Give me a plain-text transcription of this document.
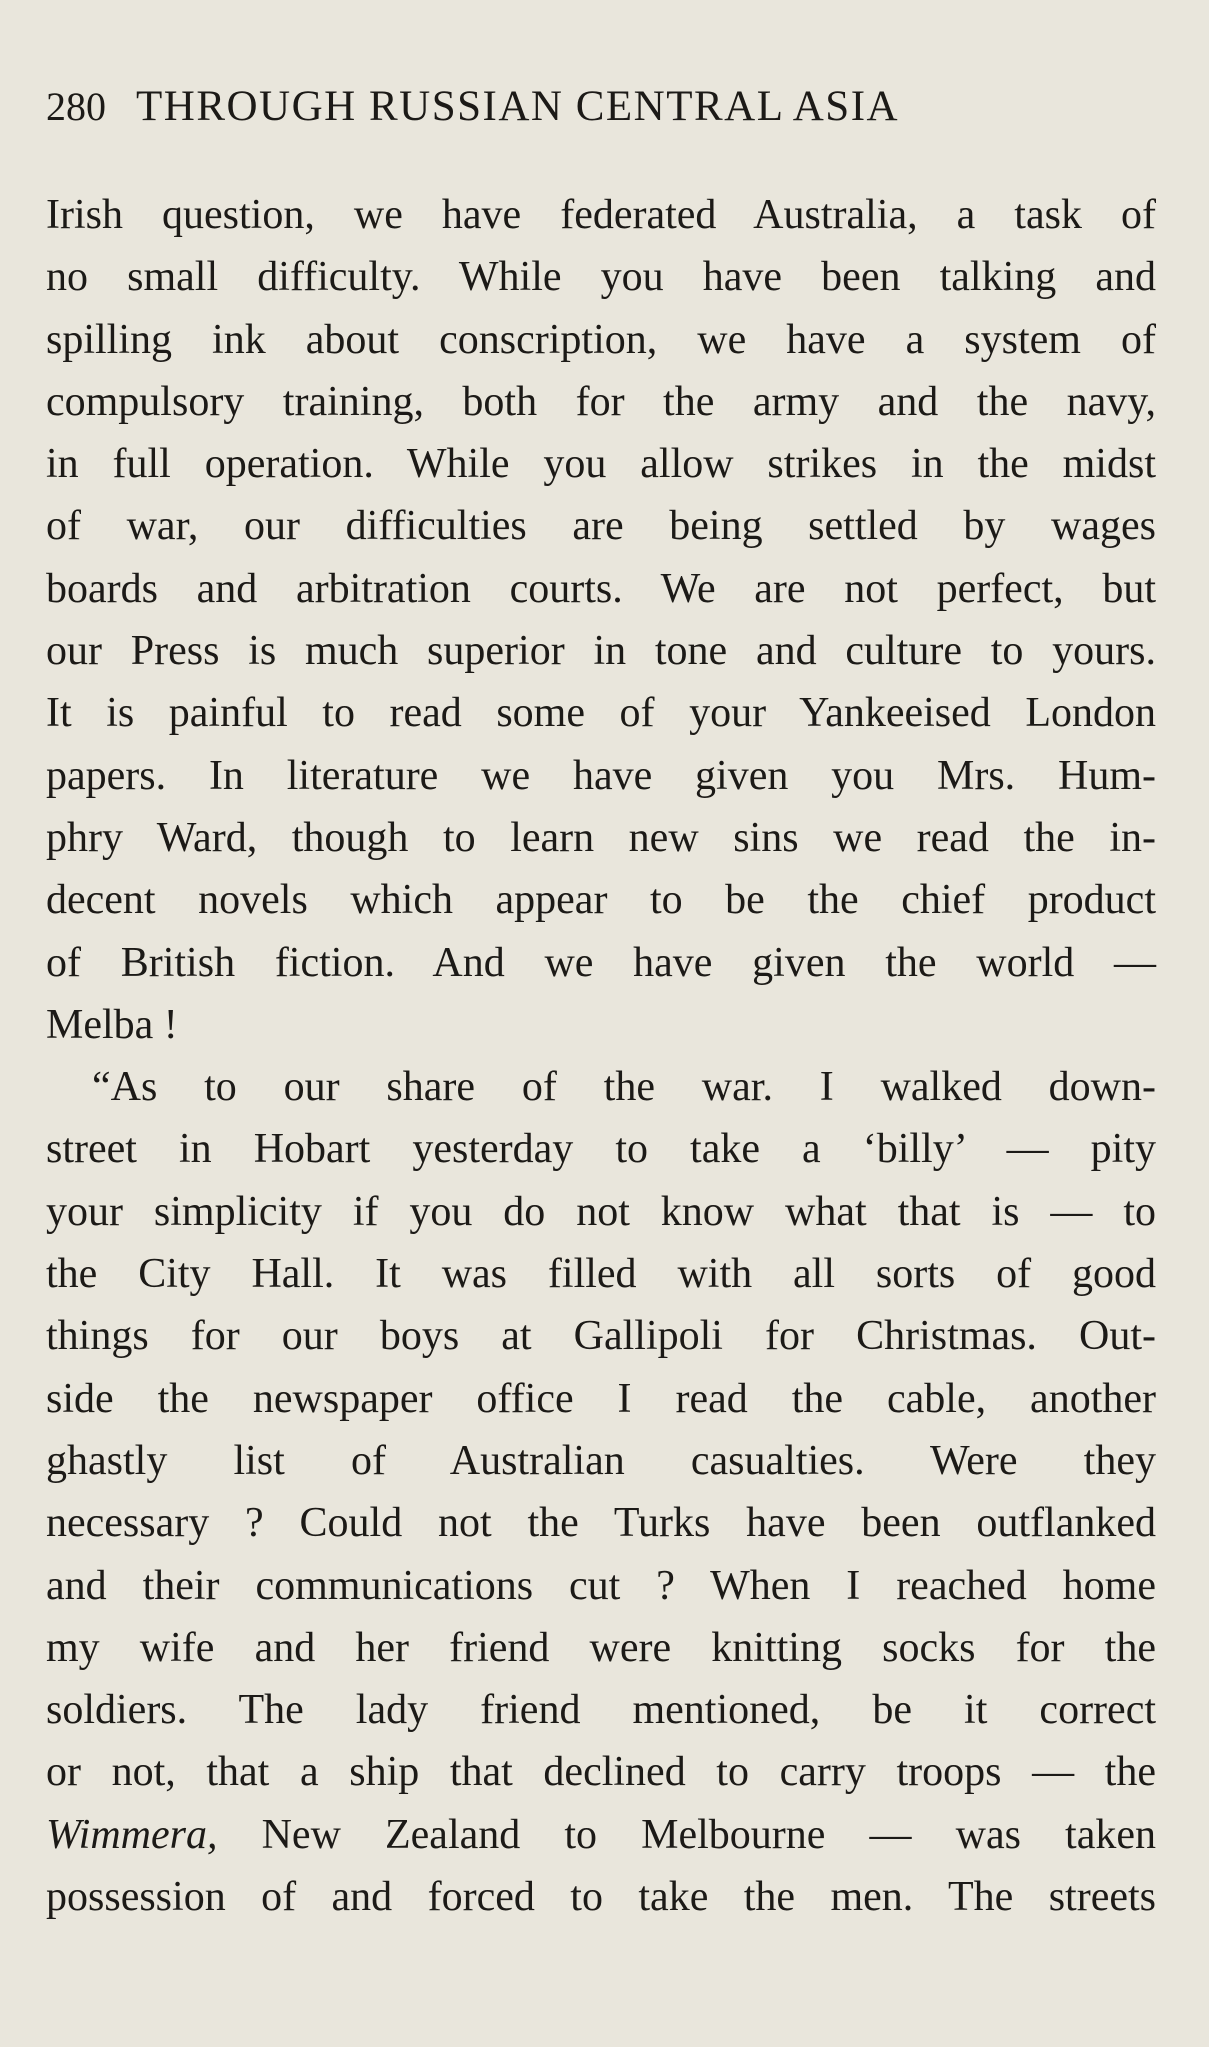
280 THROUGH RUSSIAN CENTRAL ASIA

Irish question, we have federated Australia, a task of
no small difficulty. While you have been talking and
spilling ink about conscription, we have a system of
compulsory training, both for the army and the navy,
in full operation. While you allow strikes in the midst
of war, our difficulties are being settled by wages
boards and arbitration courts. We are not perfect, but
our Press is much superior in tone and culture to yours.
It is painful to read some of your Yankeeised London
papers. In literature we have given you Mrs. Hum-
phry Ward, though to learn new sins we read the in-
decent novels which appear to be the chief product
of British fiction. And we have given the world —
Melba !

“As to our share of the war. I walked down-
street in Hobart yesterday to take a ‘billy’ — pity
your simplicity if you do not know what that is — to
the City Hall. It was filled with all sorts of good
things for our boys at Gallipoli for Christmas. Out-
side the newspaper office I read the cable, another
ghastly list of Australian casualties. Were they
necessary ? Could not the Turks have been outflanked
and their communications cut ? When I reached home
my wife and her friend were knitting socks for the
soldiers. The lady friend mentioned, be it correct
or not, that a ship that declined to carry troops — the
Wimmera, New Zealand to Melbourne — was taken
possession of and forced to take the men. The streets
